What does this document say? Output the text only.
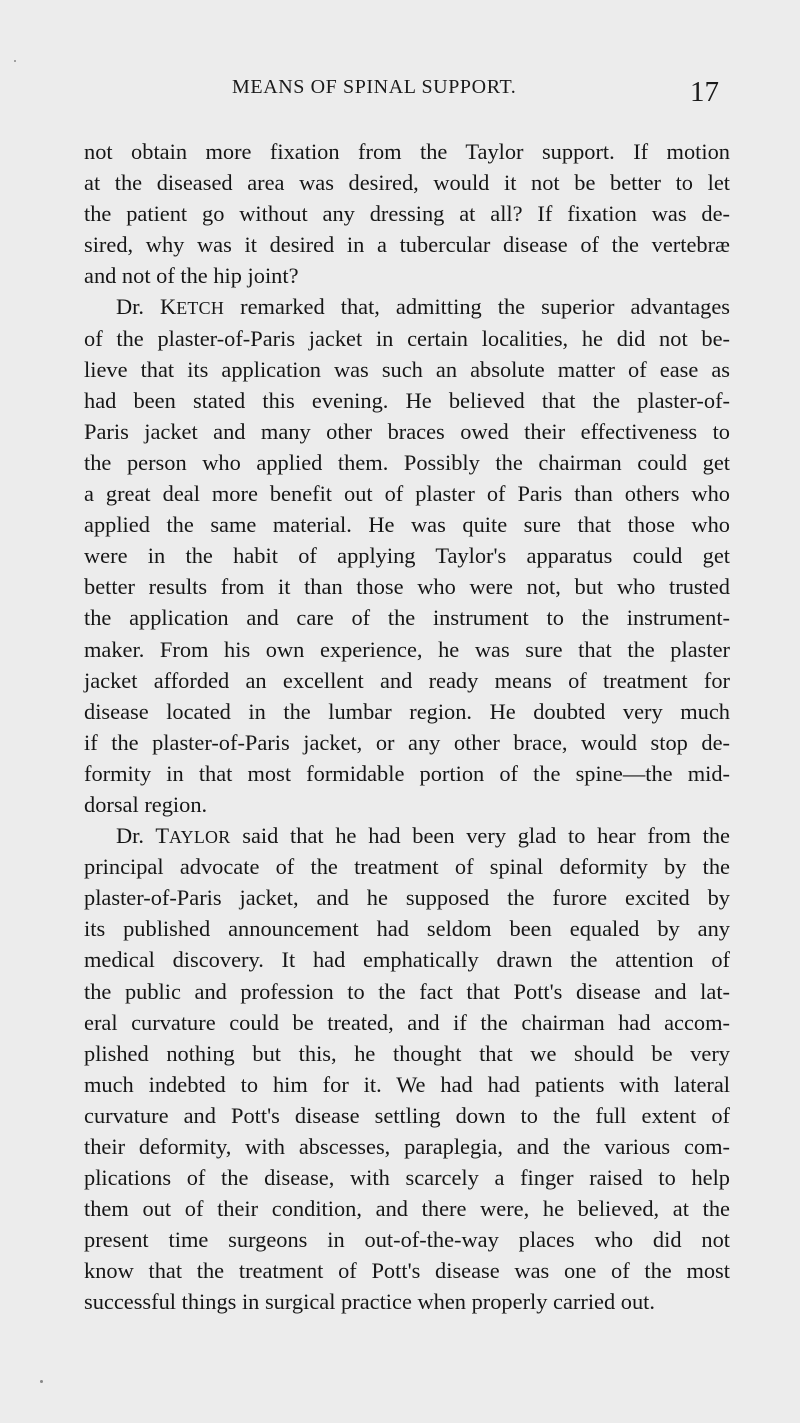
MEANS OF SPINAL SUPPORT.	17
not obtain more fixation from the Taylor support. If motion
at the diseased area was desired, would it not be better to let
the patient go without any dressing at all? If fixation was de-
sired, why was it desired in a tubercular disease of the vertebræ
and not of the hip joint?
Dr. KETCH remarked that, admitting the superior advantages
of the plaster-of-Paris jacket in certain localities, he did not be-
lieve that its application was such an absolute matter of ease as
had been stated this evening. He believed that the plaster-of-
Paris jacket and many other braces owed their effectiveness to
the person who applied them. Possibly the chairman could get
a great deal more benefit out of plaster of Paris than others who
applied the same material. He was quite sure that those who
were in the habit of applying Taylor's apparatus could get
better results from it than those who were not, but who trusted
the application and care of the instrument to the instrument-
maker. From his own experience, he was sure that the plaster
jacket afforded an excellent and ready means of treatment for
disease located in the lumbar region. He doubted very much
if the plaster-of-Paris jacket, or any other brace, would stop de-
formity in that most formidable portion of the spine—the mid-
dorsal region.
Dr. TAYLOR said that he had been very glad to hear from the
principal advocate of the treatment of spinal deformity by the
plaster-of-Paris jacket, and he supposed the furore excited by
its published announcement had seldom been equaled by any
medical discovery. It had emphatically drawn the attention of
the public and profession to the fact that Pott's disease and lat-
eral curvature could be treated, and if the chairman had accom-
plished nothing but this, he thought that we should be very
much indebted to him for it. We had had patients with lateral
curvature and Pott's disease settling down to the full extent of
their deformity, with abscesses, paraplegia, and the various com-
plications of the disease, with scarcely a finger raised to help
them out of their condition, and there were, he believed, at the
present time surgeons in out-of-the-way places who did not
know that the treatment of Pott's disease was one of the most
successful things in surgical practice when properly carried out.
